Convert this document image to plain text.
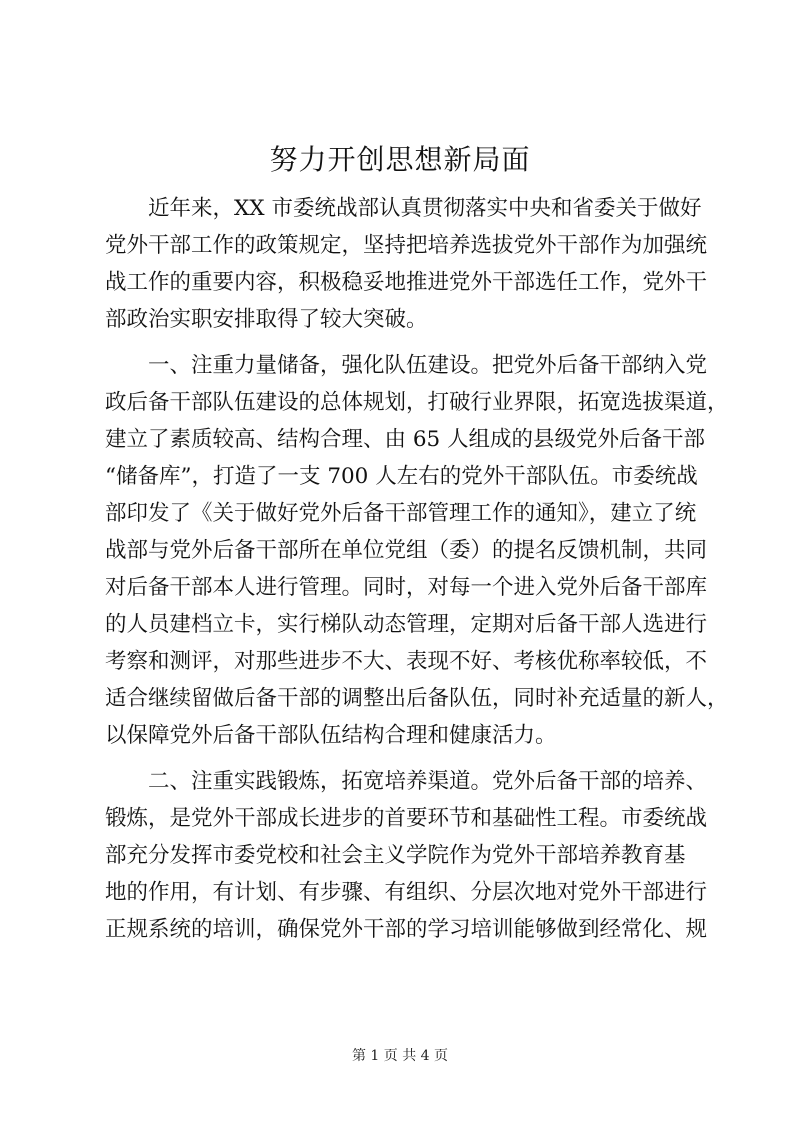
努力开创思想新局面
近年来，XX 市委统战部认真贯彻落实中央和省委关于做好
党外干部工作的政策规定，坚持把培养选拔党外干部作为加强统
战工作的重要内容，积极稳妥地推进党外干部选任工作，党外干
部政治实职安排取得了较大突破。
一、注重力量储备，强化队伍建设。把党外后备干部纳入党
政后备干部队伍建设的总体规划，打破行业界限，拓宽选拔渠道，
建立了素质较高、结构合理、由 65 人组成的县级党外后备干部
“储备库”，打造了一支 700 人左右的党外干部队伍。市委统战
部印发了《关于做好党外后备干部管理工作的通知》，建立了统
战部与党外后备干部所在单位党组（委）的提名反馈机制，共同
对后备干部本人进行管理。同时，对每一个进入党外后备干部库
的人员建档立卡，实行梯队动态管理，定期对后备干部人选进行
考察和测评，对那些进步不大、表现不好、考核优称率较低，不
适合继续留做后备干部的调整出后备队伍，同时补充适量的新人，
以保障党外后备干部队伍结构合理和健康活力。
二、注重实践锻炼，拓宽培养渠道。党外后备干部的培养、
锻炼，是党外干部成长进步的首要环节和基础性工程。市委统战
部充分发挥市委党校和社会主义学院作为党外干部培养教育基
地的作用，有计划、有步骤、有组织、分层次地对党外干部进行
正规系统的培训，确保党外干部的学习培训能够做到经常化、规
第 1 页 共 4 页
